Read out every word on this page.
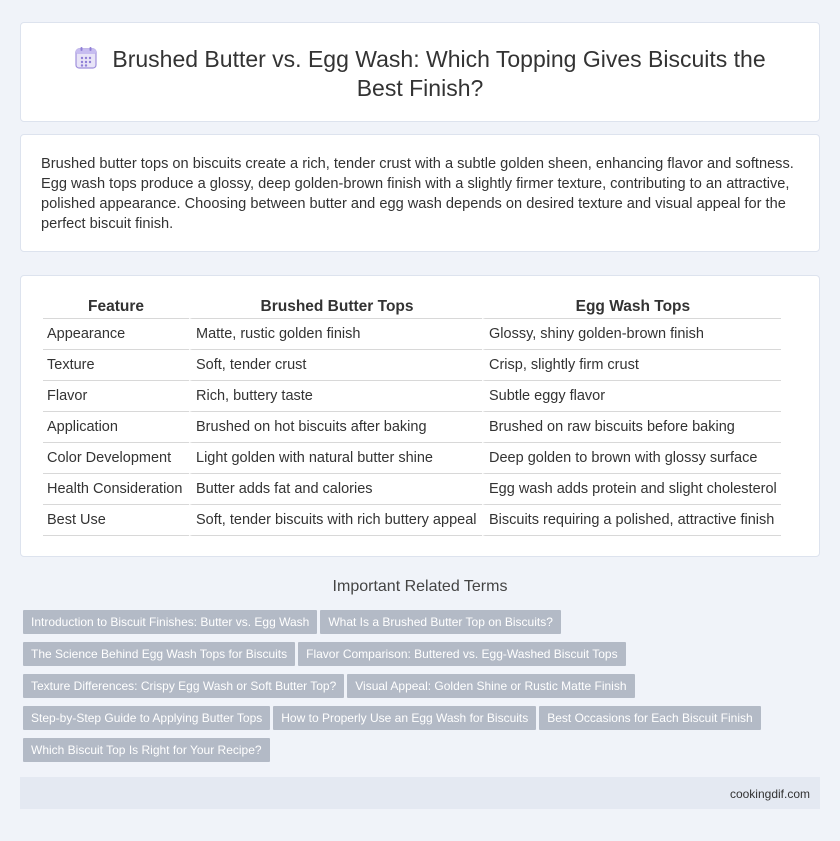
Brushed Butter vs. Egg Wash: Which Topping Gives Biscuits the
Best Finish?

Brushed butter tops on biscuits create a rich, tender crust with a subtle golden sheen, enhancing flavor and softness. Egg wash tops produce a glossy, deep golden-brown finish with a slightly firmer texture, contributing to an attractive, polished appearance. Choosing between butter and egg wash depends on desired texture and visual appeal for the perfect biscuit finish.

Feature	Brushed Butter Tops	Egg Wash Tops
Appearance	Matte, rustic golden finish	Glossy, shiny golden-brown finish
Texture	Soft, tender crust	Crisp, slightly firm crust
Flavor	Rich, buttery taste	Subtle eggy flavor
Application	Brushed on hot biscuits after baking	Brushed on raw biscuits before baking
Color Development	Light golden with natural butter shine	Deep golden to brown with glossy surface
Health Consideration	Butter adds fat and calories	Egg wash adds protein and slight cholesterol
Best Use	Soft, tender biscuits with rich buttery appeal	Biscuits requiring a polished, attractive finish
Important Related Terms
Introduction to Biscuit Finishes: Butter vs. Egg Wash What Is a Brushed Butter Top on Biscuits?
The Science Behind Egg Wash Tops for Biscuits Flavor Comparison: Buttered vs. Egg-Washed Biscuit Tops
Texture Differences: Crispy Egg Wash or Soft Butter Top? Visual Appeal: Golden Shine or Rustic Matte Finish
Step-by-Step Guide to Applying Butter Tops How to Properly Use an Egg Wash for Biscuits Best Occasions for Each Biscuit Finish
Which Biscuit Top Is Right for Your Recipe?
cookingdif.com
